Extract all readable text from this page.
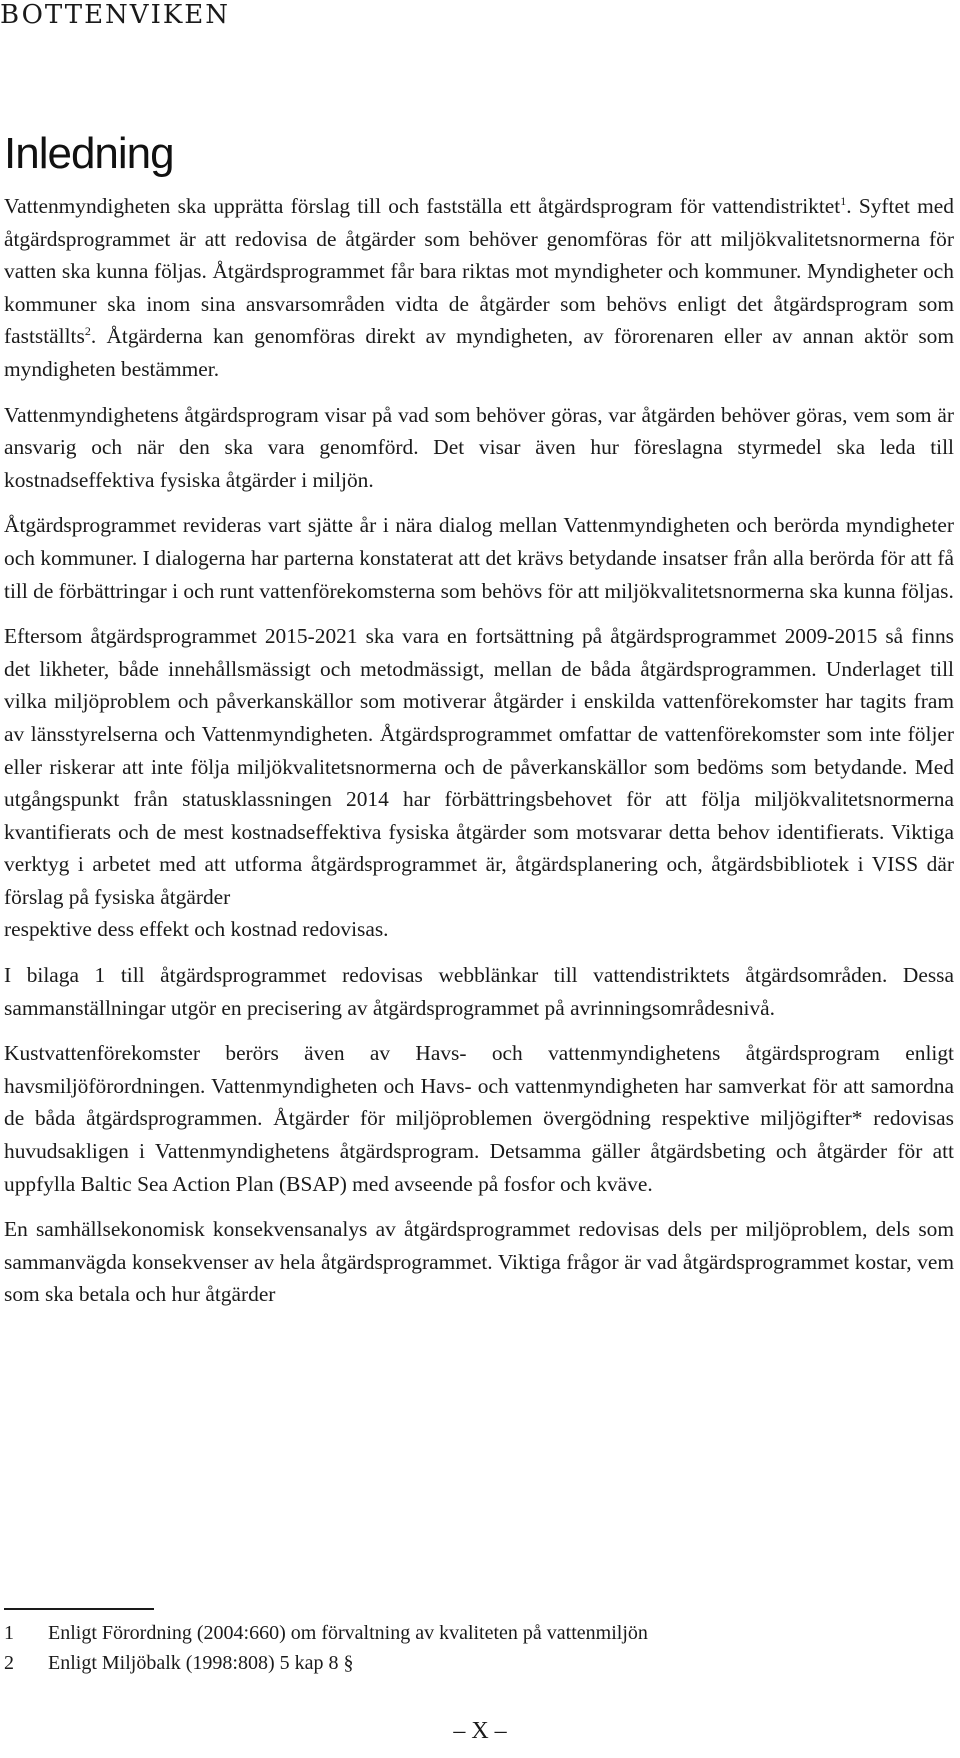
BOTTENVIKEN
Inledning

Vattenmyndigheten ska upprätta förslag till och fastställa ett åtgärdsprogram för vattendistriktet$^1$. Syftet med åtgärdsprogrammet är att redovisa de åtgärder som behöver genomföras för att miljökvalitetsnormerna för vatten ska kunna följas. Åtgärdsprogrammet får bara riktas mot myndigheter och kommuner. Myndigheter och kommuner ska inom sina ansvarsområden vidta de åtgärder som behövs enligt det åtgärdsprogram som fastställts$^2$. Åtgärderna kan genomföras direkt av myndigheten, av förorenaren eller av annan aktör som myndigheten bestämmer.

Vattenmyndighetens åtgärdsprogram visar på vad som behöver göras, var åtgärden behöver göras, vem som är ansvarig och när den ska vara genomförd. Det visar även hur föreslagna styrmedel ska leda till kostnadseffektiva fysiska åtgärder i miljön.

Åtgärdsprogrammet revideras vart sjätte år i nära dialog mellan Vattenmyndigheten och berörda myndigheter och kommuner. I dialogerna har parterna konstaterat att det krävs betydande insatser från alla berörda för att få till de förbättringar i och runt vattenförekomsterna som behövs för att miljökvalitetsnormerna ska kunna följas.

Eftersom åtgärdsprogrammet 2015-2021 ska vara en fortsättning på åtgärdsprogrammet 2009-2015 så finns det likheter, både innehållsmässigt och metodmässigt, mellan de båda åtgärdsprogrammen. Underlaget till vilka miljöproblem och påverkanskällor som motiverar åtgärder i enskilda vattenförekomster har tagits fram av länsstyrelserna och Vattenmyndigheten. Åtgärdsprogrammet omfattar de vattenförekomster som inte följer eller riskerar att inte följa miljökvalitetsnormerna och de påverkanskällor som bedöms som betydande. Med utgångspunkt från statusklassningen 2014 har förbättringsbehovet för att följa miljökvalitetsnormerna kvantifierats och de mest kostnadseffektiva fysiska åtgärder som motsvarar detta behov identifierats. Viktiga verktyg i arbetet med att utforma åtgärdsprogrammet är, åtgärdsplanering och, åtgärdsbibliotek i VISS där förslag på fysiska åtgärder
respektive dess effekt och kostnad redovisas.

I bilaga 1 till åtgärdsprogrammet redovisas webblänkar till vattendistriktets åtgärdsområden. Dessa sammanställningar utgör en precisering av åtgärdsprogrammet på avrinningsområdesnivå.

Kustvattenförekomster berörs även av Havs- och vattenmyndighetens åtgärdsprogram enligt havsmiljöförordningen. Vattenmyndigheten och Havs- och vattenmyndigheten har samverkat för att samordna de båda åtgärdsprogrammen. Åtgärder för miljöproblemen övergödning respektive miljögifter* redovisas huvudsakligen i Vattenmyndighetens åtgärdsprogram. Detsamma gäller åtgärdsbeting och åtgärder för att uppfylla Baltic Sea Action Plan (BSAP) med avseende på fosfor och kväve.

En samhällsekonomisk konsekvensanalys av åtgärdsprogrammet redovisas dels per miljöproblem, dels som sammanvägda konsekvenser av hela åtgärdsprogrammet. Viktiga frågor är vad åtgärdsprogrammet kostar, vem som ska betala och hur åtgärder

1	Enligt Förordning (2004:660) om förvaltning av kvaliteten på vattenmiljön
2	Enligt Miljöbalk (1998:808) 5 kap 8 §
– X –
